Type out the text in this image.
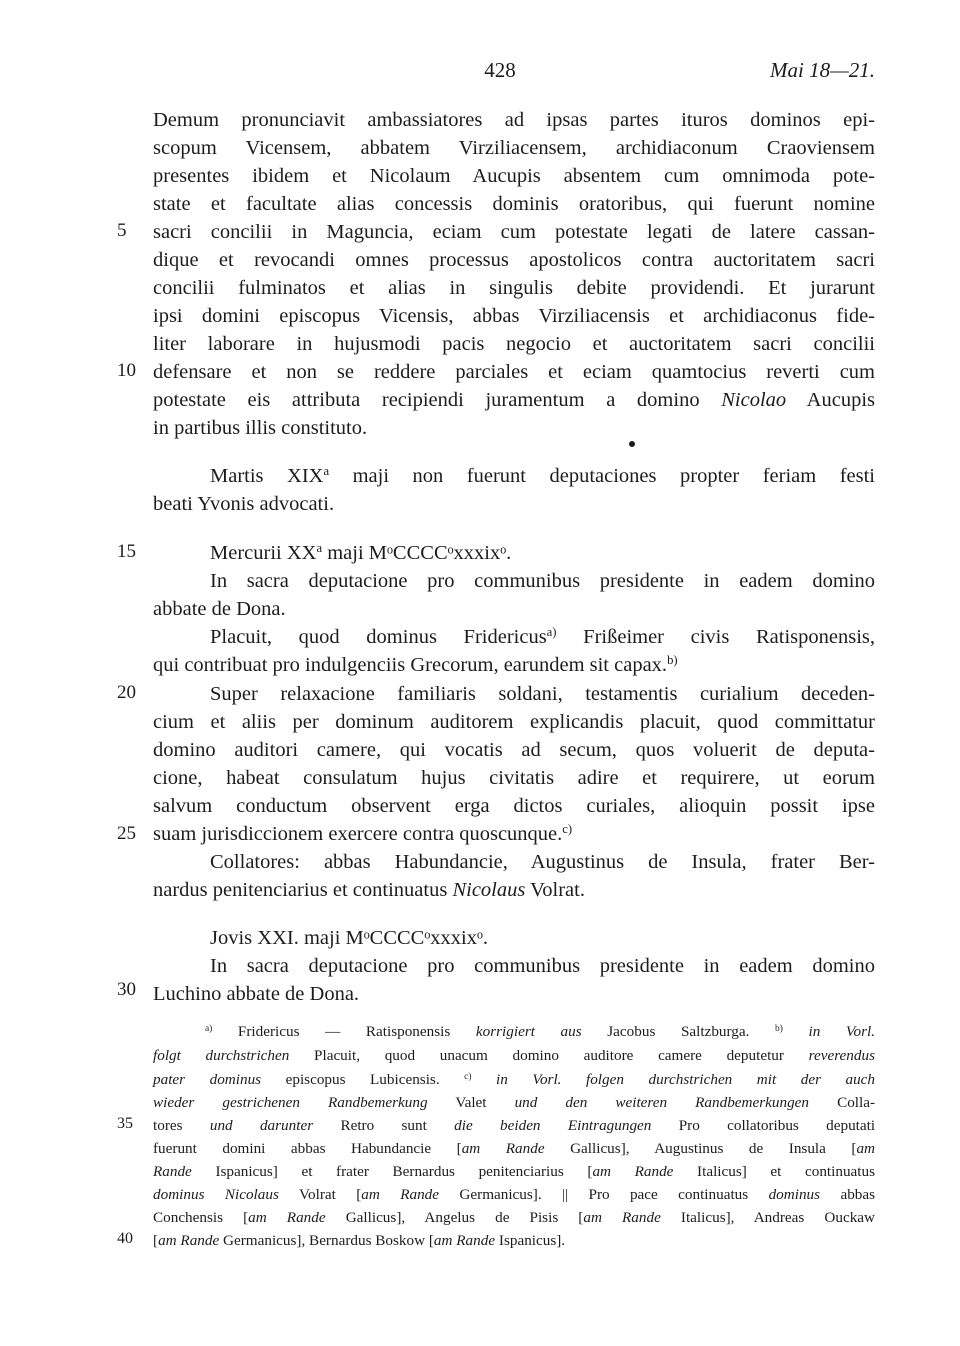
428	Mai 18—21.
5
10
15
20
25
30
35
40
Demum pronunciavit ambassiatores ad ipsas partes ituros dominos epi-
scopum Vicensem, abbatem Virziliacensem, archidiaconum Craoviensem
presentes ibidem et Nicolaum Aucupis absentem cum omnimoda pote-
state et facultate alias concessis dominis oratoribus, qui fuerunt nomine
sacri concilii in Maguncia, eciam cum potestate legati de latere cassan-
dique et revocandi omnes processus apostolicos contra auctoritatem sacri
concilii fulminatos et alias in singulis debite providendi. Et jurarunt
ipsi domini episcopus Vicensis, abbas Virziliacensis et archidiaconus fide-
liter laborare in hujusmodi pacis negocio et auctoritatem sacri concilii
defensare et non se reddere parciales et eciam quamtocius reverti cum
potestate eis attributa recipiendi juramentum a domino Nicolao Aucupis
in partibus illis constituto.
Martis XIX$^a$ maji non fuerunt deputaciones propter feriam festi
beati Yvonis advocati.
Mercurii $XX^a$ maji MᵒCCCCᵒxxxixᵒ.
In sacra deputacione pro communibus presidente in eadem domino
abbate de Dona.
Placuit, quod dominus Fridericus$^{a)}$ Frißeimer civis Ratisponensis,
qui contribuat pro indulgenciis Grecorum, earundem sit capax.$^{b)}$
Super relaxacione familiaris soldani, testamentis curialium deceden-
cium et aliis per dominum auditorem explicandis placuit, quod committatur
domino auditori camere, qui vocatis ad secum, quos voluerit de deputa-
cione, habeat consulatum hujus civitatis adire et requirere, ut eorum
salvum conductum observent erga dictos curiales, alioquin possit ipse
suam jurisdiccionem exercere contra quoscunque.$^{c)}$
Collatores: abbas Habundancie, Augustinus de Insula, frater Ber-
nardus penitenciarius et continuatus Nicolaus Volrat.
Jovis XXI. maji MᵒCCCCᵒxxxixᵒ.
In sacra deputacione pro communibus presidente in eadem domino
Luchino abbate de Dona.
$^{a)}$ Fridericus — Ratisponensis korrigiert aus Jacobus Saltzburga.	$^{b)}$ in Vorl.
folgt durchstrichen Placuit, quod unacum domino auditore camere deputetur reverendus
pater dominus episcopus Lubicensis.	$^{c)}$ in Vorl. folgen durchstrichen mit der auch
wieder gestrichenen Randbemerkung Valet und den weiteren Randbemerkungen Colla-
tores und darunter Retro sunt die beiden Eintragungen Pro collatoribus deputati
fuerunt domini abbas Habundancie [am Rande Gallicus], Augustinus de Insula [am
Rande Ispanicus] et frater Bernardus penitenciarius [am Rande Italicus] et continuatus
dominus Nicolaus Volrat [am Rande Germanicus]. || Pro pace continuatus dominus abbas
Conchensis [am Rande Gallicus], Angelus de Pisis [am Rande Italicus], Andreas Ouckaw
[am Rande Germanicus], Bernardus Boskow [am Rande Ispanicus].
